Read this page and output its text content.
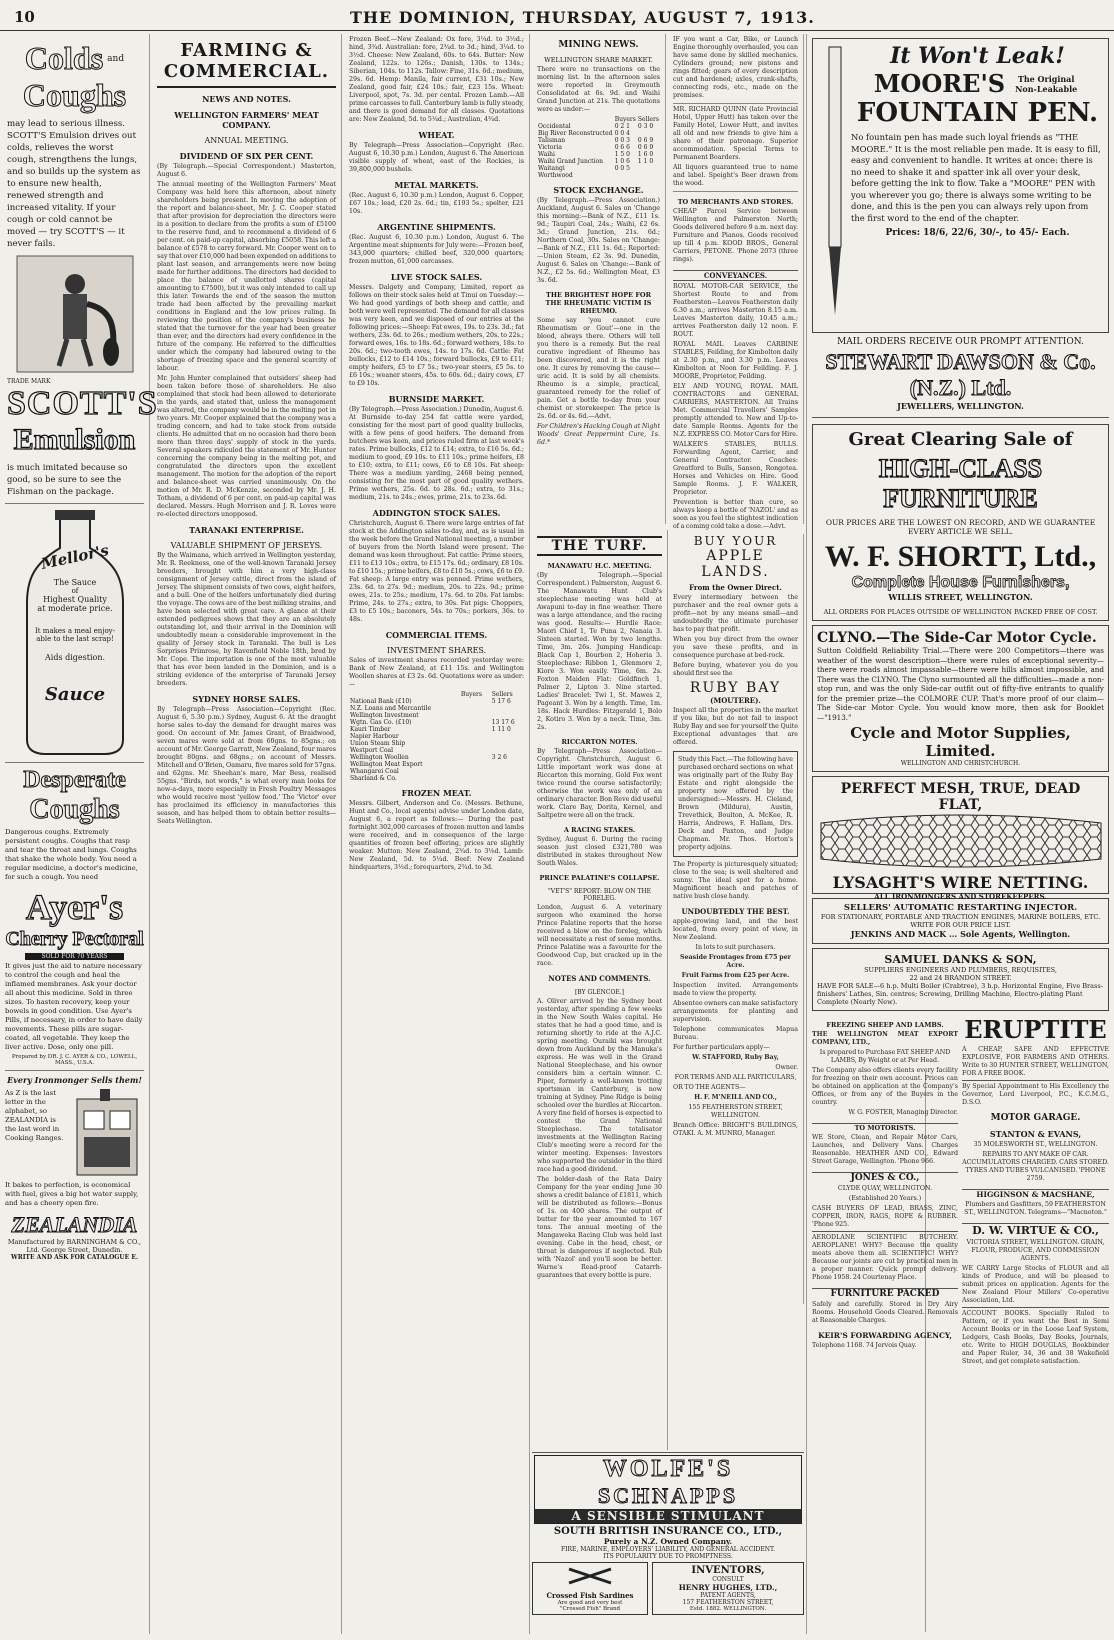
10	THE DOMINION, THURSDAY, AUGUST 7, 1913.
Colds and
Coughs
may lead to serious illness. SCOTT'S Emulsion drives out colds, relieves the worst cough, strengthens the lungs, and so builds up the system as to ensure new health, renewed strength and increased vitality. If your cough or cold cannot be moved — try SCOTT'S — it never fails.
TRADE MARK
SCOTT'S
Emulsion
is much imitated because so good, so be sure to see the Fishman on the package.
Mellor's
The Sauce
of
Highest Quality
at moderate price.
It makes a meal enjoy-
able to the last scrap!
Aids digestion.
Sauce
Desperate
Coughs
Dangerous coughs. Extremely persistent coughs. Coughs that rasp and tear the throat and lungs. Coughs that shake the whole body. You need a regular medicine, a doctor's medicine, for such a cough. You need
Ayer's
Cherry Pectoral
SOLD FOR 70 YEARS
It gives just the aid to nature necessary to control the cough and heal the inflamed membranes. Ask your doctor all about this medicine. Sold in three sizes. To hasten recovery, keep your bowels in good condition. Use Ayer's Pills, if necessary, in order to have daily movements. These pills are sugar-coated, all vegetable. They keep the liver active. Dose, only one pill.
Prepared by DR. J. C. AYER & CO., LOWELL, MASS., U.S.A.
Every Ironmonger Sells them!
As Z is the last letter in the alphabet, so ZEALANDIA is the last word in Cooking Ranges.
It bakes to perfection, is economical with fuel, gives a big hot water supply, and has a cheery open fire.
ZEALANDIA
Manufactured by BARNINGHAM & CO., Ltd. George Street, Dunedin.
WRITE AND ASK FOR CATALOGUE E.
FARMING & COMMERCIAL.
NEWS AND NOTES.
WELLINGTON FARMERS' MEAT COMPANY.
ANNUAL MEETING.
DIVIDEND OF SIX PER CENT.

(By Telegraph.—Special Correspondent.) Masterton, August 6.

The annual meeting of the Wellington Farmers' Meat Company was held here this afternoon, about ninety shareholders being present. In moving the adoption of the report and balance-sheet, Mr. J. C. Cooper stated that after provision for depreciation the directors were in a position to declare from the profits a sum of £5100 to the reserve fund, and to recommend a dividend of 6 per cent. on paid-up capital, absorbing £5058. This left a balance of £578 to carry forward. Mr. Cooper went on to say that over £10,000 had been expended on additions to plant last season, and arrangements were now being made for further additions. The directors had decided to place the balance of unallotted shares (capital amounting to £7500), but it was only intended to call up this later. Towards the end of the season the mutton trade had been affected by the prevailing market conditions in England and the low prices ruling. In reviewing the position of the company's business he stated that the turnover for the year had been greater than ever, and the directors had every confidence in the future of the company. He referred to the difficulties under which the company had laboured owing to the shortage of freezing space and the general scarcity of labour.

Mr. John Hunter complained that outsiders' sheep had been taken before those of shareholders. He also complained that stock had been allowed to deteriorate in the yards, and stated that, unless the management was altered, the company would be in the melting pot in two years. Mr. Cooper explained that the company was a trading concern, and had to take stock from outside clients. He admitted that on no occasion had there been more than three days' supply of stock in the yards. Several speakers ridiculed the statement of Mr. Hunter concerning the company being in the melting pot, and congratulated the directors upon the excellent management. The motion for the adoption of the report and balance-sheet was carried unanimously. On the motion of Mr. R. D. McKenzie, seconded by Mr. J. H. Totham, a dividend of 6 per cent. on paid-up capital was declared. Messrs. Hugh Morrison and J. R. Loves were re-elected directors unopposed.

TARANAKI ENTERPRISE.
VALUABLE SHIPMENT OF JERSEYS.

By the Waimana, which arrived in Wellington yesterday, Mr. R. Reekness, one of the well-known Taranaki Jersey breeders, brought with him a very high-class consignment of Jersey cattle, direct from the island of Jersey. The shipment consists of two cows, eight heifers, and a bull. One of the heifers unfortunately died during the voyage. The cows are of the best milking strains, and have been selected with great care. A glance at their extended pedigrees shows that they are an absolutely outstanding lot, and their arrival in the Dominion will undoubtedly mean a considerable improvement in the quality of Jersey stock in Taranaki. The bull is Les Sorprises Primrose, by Ravenfield Noble 18th, bred by Mr. Cope. The importation is one of the most valuable that has ever been landed in the Dominion, and is a striking evidence of the enterprise of Taranaki Jersey breeders.

SYDNEY HORSE SALES.

By Telegraph—Press Association—Copyright (Rec. August 6, 5.30 p.m.) Sydney, August 6. At the draught horse sales to-day the demand for draught mares was good. On account of Mr. James Grant, of Braidwood, seven mares were sold at from 60gns. to 85gns.; on account of Mr. George Garratt, New Zealand, four mares brought 80gns. and 68gns.; on account of Messrs. Mitchell and O'Brien, Oamaru, five mares sold for 57gns. and 62gns. Mr. Sheehan's mare, Mar Bess, realised 55gns. "Birds, not words," is what every man looks for now-a-days, more especially in Fresh Poultry Messages who would receive most 'yellow food.' The 'Victor' ever has proclaimed its efficiency in manufactories this season, and has helped them to obtain better results—Seats Wellington.

Frozen Beef.—New Zealand: Ox fore, 3¼d. to 3½d.; hind, 3¾d. Australian: fore, 2¾d. to 3d.; hind, 3¼d. to 3½d. Cheese: New Zealand, 60s. to 64s. Butter: New Zealand, 122s. to 126s.; Danish, 130s. to 134s.; Siberian, 104s. to 112s. Tallow: Fine, 31s. 6d.; medium, 29s. 6d. Hemp: Manila, fair current, £31 10s.; New Zealand, good fair, £24 10s.; fair, £23 15s. Wheat: Liverpool, spot, 7s. 3d. per cental. Frozen Lamb.—All prime carcasses to full. Canterbury lamb is fully steady, and there is good demand for all classes. Quotations are: New Zealand, 5d. to 5¼d.; Australian, 4¾d.

WHEAT.

By Telegraph—Press Association—Copyright (Rec. August 6, 10.30 p.m.) London, August 6. The American visible supply of wheat, east of the Rockies, is 39,800,000 bushels.

METAL MARKETS.

(Rec. August 6, 10.30 p.m.) London, August 6. Copper, £67 10s.; lead, £20 2s. 6d.; tin, £193 5s.; spelter, £21 10s.

ARGENTINE SHIPMENTS.

(Rec. August 6, 10.30 p.m.) London, August 6. The Argentine meat shipments for July were:—Frozen beef, 343,000 quarters; chilled beef, 320,000 quarters; frozen mutton, 61,000 carcasses.

LIVE STOCK SALES.

Messrs. Dalgety and Company, Limited, report as follows on their stock sales held at Tinui on Tuesday:—We had good yardings of both sheep and cattle, and both were well represented. The demand for all classes was very keen, and we disposed of our entries at the following prices:—Sheep: Fat ewes, 19s. to 23s. 3d.; fat wethers, 23s. 6d. to 26s.; medium wethers, 20s. to 22s.; forward ewes, 16s. to 18s. 6d.; forward wethers, 18s. to 20s. 6d.; two-tooth ewes, 14s. to 17s. 6d. Cattle: Fat bullocks, £12 to £14 10s.; forward bullocks, £9 to £11; empty heifers, £5 to £7 5s.; two-year steers, £5 5s. to £6 10s.; weaner steers, 45s. to 60s. 6d.; dairy cows, £7 to £9 10s.

BURNSIDE MARKET.

(By Telegraph.—Press Association.) Dunedin, August 6. At Burnside to-day 254 fat cattle were yarded, consisting for the most part of good quality bullocks, with a few pens of good heifers. The demand from butchers was keen, and prices ruled firm at last week's rates. Prime bullocks, £12 to £14; extra, to £16 5s. 6d.; medium to good, £9 10s. to £11 10s.; prime heifers, £8 to £10; extra, to £11; cows, £6 to £8 10s. Fat sheep: There was a medium yarding, 2468 being penned, consisting for the most part of good quality wethers. Prime wethers, 25s. 6d. to 28s. 6d.; extra, to 31s.; medium, 21s. to 24s.; ewes, prime, 21s. to 23s. 6d.

ADDINGTON STOCK SALES.

Christchurch, August 6. There were large entries of fat stock at the Addington sales to-day, and, as is usual in the week before the Grand National meeting, a number of buyers from the North Island were present. The demand was keen throughout. Fat cattle: Prime steers, £11 to £13 10s.; extra, to £15 17s. 6d.; ordinary, £8 10s. to £10 15s.; prime heifers, £8 to £10 5s.; cows, £6 to £9. Fat sheep: A large entry was penned. Prime wethers, 23s. 6d. to 27s. 9d.; medium, 20s. to 22s. 9d.; prime ewes, 21s. to 25s.; medium, 17s. 6d. to 20s. Fat lambs: Prime, 24s. to 27s.; extra, to 30s. Fat pigs: Choppers, £3 to £5 10s.; baconers, 54s. to 70s.; porkers, 36s. to 48s.

COMMERCIAL ITEMS.
INVESTMENT SHARES.

Sales of investment shares recorded yesterday were: Bank of New Zealand, at £11 15s. and Wellington Woollen shares at £3 2s. 6d. Quotations were as under:—

	Buyers	Sellers
National Bank (£10)		5 17 6
N.Z. Loans and Mercantile		
Wellington Investment		
Wgtn. Gas Co. (£10)		13 17 6
Kauri Timber		1 11 0
Napier Harbour		
Union Steam Ship		
Westport Coal		
Wellington Woollen		3 2 6
Wellington Meat Export		
Whangarei Coal		
Sharland & Co.		
FROZEN MEAT.

Messrs. Gilbert, Anderson and Co. (Messrs. Bethune, Hunt and Co., local agents) advise under London date, August 6, a report as follows:— During the past fortnight 302,000 carcases of frozen mutton and lambs were received, and in consequence of the large quantities of frozen beef offering, prices are slightly weaker. Mutton: New Zealand, 2¾d. to 3⅛d. Lamb: New Zealand, 5d. to 5¼d. Beef: New Zealand hindquarters, 3½d.; forequarters, 2¾d. to 3d.

MINING NEWS.
WELLINGTON SHARE MARKET.

There were no transactions on the morning list. In the afternoon sales were reported in Greymouth Consolidated at 6s. 9d. and Waihi Grand Junction at 21s. The quotations were as under:—

	Buyers	Sellers
Occidental	0 2 1	0 3 0
Big River Reconstructed	0 0 4	
Talisman	0 0 3	0 6 9
Victoria	0 6 6	0 6 9
Waihi	1 5 0	1 6 0
Waihi Grand Junction	1 0 6	1 1 0
Waitangi	0 0 5	
Worthwood		
STOCK EXCHANGE.

(By Telegraph.—Press Association.) Auckland, August 6. Sales on 'Change this morning:—Bank of N.Z., £11 1s. 9d.; Taupiri Coal, 24s.; Waihi, £2 6s. 3d.; Grand Junction, 21s. 6d.; Northern Coal, 30s. Sales on 'Change:—Bank of N.Z., £11 1s. 6d.; Reported:—Union Steam, £2 3s. 9d. Dunedin, August 6. Sales on 'Change:—Bank of N.Z., £2 5s. 6d.; Wellington Meat, £3 3s. 6d.

THE BRIGHTEST HOPE FOR THE RHEUMATIC VICTIM IS RHEUMO.

Some say 'you cannot cure Rheumatism or Gout'—one in the blood, always there. Others will tell you there is a remedy. But the real curative ingredient of Rheumo has been discovered, and it is the right one. It cures by removing the cause—uric acid. It is sold by all chemists. Rheumo is a simple, practical, guaranteed remedy for the relief of pain. Get a bottle to-day from your chemist or storekeeper. The price is 2s. 6d. or 4s. 6d.—Advt.

For Children's Hacking Cough at Night Woods' Great Peppermint Cure, 1s. 6d.*

IF you want a Car, Bike, or Launch Engine thoroughly overhauled, you can have same done by skilled mechanics. Cylinders ground; new pistons and rings fitted; gears of every description cut and hardened; axles, crank-shafts, connecting rods, etc., made on the premises.

MR. RICHARD QUINN (late Provincial Hotel, Upper Hutt) has taken over the Family Hotel, Lower Hutt, and invites all old and new friends to give him a share of their patronage. Superior accommodation. Special Terms to Permanent Boarders.

All liquors guaranteed true to name and label. Speight's Beer drawn from the wood.

TO MERCHANTS AND STORES.

CHEAP Parcel Service between Wellington and Palmerston North; Goods delivered before 9 a.m. next day. Furniture and Pianos. Goods received up till 4 p.m. KOOD BROS., General Carriers, PETONE. 'Phone 2073 (three rings).

CONVEYANCES.

ROYAL MOTOR-CAR SERVICE, the Shortest Route to and from Featherston—Leaves Featherston daily 6.30 a.m.; arrives Masterton 8.15 a.m. Leaves Masterton daily, 10.45 a.m.; arrives Featherston daily 12 noon. F. ROUT.

ROYAL MAIL Leaves CARBINE STABLES, Feilding, for Kimbolton daily at 2.30 p.m., and 3.30 p.m. Leaves Kimbolton at Noon for Feilding. F. J. MOORE, Proprietor, Feilding.

ELY AND YOUNG, ROYAL MAIL CONTRACTORS and GENERAL CARRIERS, MASTERTON. All Trains Met. Commercial Travellers' Samples promptly attended to. New and Up-to-date Sample Rooms. Agents for the N.Z. EXPRESS CO. Motor Cars for Hire.

WALKER'S STABLES, BULLS. Forwarding Agent, Carrier, and General Contractor. Coaches: Greatford to Bulls, Sanson, Rongotea. Horses and Vehicles on Hire. Good Sample Rooms. J. F. WALKER, Proprietor.

Prevention is better than cure, so always keep a bottle of 'NAZOL' and as soon as you feel the slightest indication of a coming cold take a dose.—Advt.

THE TURF.
MANAWATU H.C. MEETING.

(By Telegraph.—Special Correspondent.) Palmerston, August 6. The Manawatu Hunt Club's steeplechase meeting was held at Awapuni to-day in fine weather. There was a large attendance, and the racing was good. Results:— Hurdle Race: Maori Chief 1, Te Puna 2, Nanaia 3. Sixteen started. Won by two lengths. Time, 3m. 26s. Jumping Handicap: Black Cap 1, Bourbon 2, Hoheria 3. Steeplechase: Ribbon 1, Glenmore 2, Kiore 3. Won easily. Time, 6m. 2s. Foxton Maiden Flat: Goldfinch 1, Palmer 2, Lipton 3. Nine started. Ladies' Bracelet: Twi 1, St. Mawes 2, Pageant 3. Won by a length. Time, 1m. 18s. Hack Hurdles: Fitzgerald 1, Bolo 2, Kotiro 3. Won by a neck. Time, 3m. 2s.

RICCARTON NOTES.

By Telegraph—Press Association—Copyright. Christchurch, August 6. Little important work was done at Riccarton this morning. Gold Fox went twice round the course satisfactorily; otherwise the work was only of an ordinary character. Bon Reve did useful work. Clare Bay, Dorita, Kernel, and Saltpetre were all on the track.

A RACING STAKES.

Sydney, August 6. During the racing season just closed £321,780 was distributed in stakes throughout New South Wales.

PRINCE PALATINE'S COLLAPSE.
"VET'S" REPORT: BLOW ON THE FORELEG.

London, August 6. A veterinary surgeon who examined the horse Prince Palatine reports that the horse received a blow on the foreleg, which will necessitate a rest of some months. Prince Palatine was a favourite for the Goodwood Cup, but cracked up in the race.

NOTES AND COMMENTS.
[BY GLENCOE.]

A. Oliver arrived by the Sydney boat yesterday, after spending a few weeks in the New South Wales capital. He states that he had a good time, and is returning shortly to ride at the A.J.C. spring meeting. Ouraiki was brought down from Auckland by the Manuka's express. He was well in the Grand National Steeplechase, and his owner considers him a certain winner. C. Piper, formerly a well-known trotting sportsman in Canterbury, is now training at Sydney. Pine Ridge is being schooled over the hurdles at Riccarton. A very fine field of horses is expected to contest the Grand National Steeplechase. The totalisator investments at the Wellington Racing Club's meeting were a record for the winter meeting. Expenses: Investors who supported the outsider in the third race had a good dividend.

The bolder-dash of the Rata Dairy Company for the year ending June 30 shows a credit balance of £1811, which will be distributed as follows:—Bonus of 1s. on 400 shares. The output of butter for the year amounted to 167 tons. The annual meeting of the Mangaweka Racing Club was held last evening. Cabe in the head, chest, or throat is dangerous if neglected. Rub with 'Nazol' and you'll soon be better. Warne's Read-proof Catarrh-guarantees that every bottle is pure.

BUY YOUR
APPLE LANDS.
From the Owner Direct.

Every intermediary between the purchaser and the real owner gets a profit—not by any means small—and undoubtedly the ultimate purchaser has to pay that profit.

When you buy direct from the owner you save these profits, and in consequence purchase at bed-rock.

Before buying, whatever you do you should first see the

RUBY BAY
(MOUTERE).

Inspect all the properties in the market if you like, but do not fail to inspect Ruby Bay and see for yourself the Quite Exceptional advantages that are offered.

Study this Fact.—The following have purchased orchard sections on what was originally part of the Ruby Bay Estate and right alongside the property now offered by the undersigned:—Messrs. H. Cleland, Brown (Mildura), Austin, Trevethick, Boulton, A. McKee, R. Harris, Andrews, F. Hallam, Drs. Deck and Paxton, and Judge Chapman. Mr. Thos. Horton's property adjoins.

The Property is picturesquely situated; close to the sea; is well sheltered and sunny. The ideal spot for a home. Magnificent beach and patches of native bush close handy.

UNDOUBTEDLY THE BEST.

apple-growing land, and the best located, from every point of view, in New Zealand.

In lots to suit purchasers.

Seaside Frontages from £75 per Acre.

Fruit Farms from £25 per Acre.

Inspection invited. Arrangements made to view the property.

Absentee owners can make satisfactory arrangements for planting and supervision.

Telephone communicates Mapua Bureau.

For further particulars apply—

W. STAFFORD, Ruby Bay,

Owner.

FOR TERMS AND ALL PARTICULARS,

OR TO THE AGENTS—

H. F. M'NEILL AND CO.,

155 FEATHERSTON STREET, WELLINGTON.

Branch Office: BRIGHT'S BUILDINGS, OTAKI. A. M. MUNRO, Manager.

WOLFE'S
SCHNAPPS
A SENSIBLE STIMULANT
SOUTH BRITISH INSURANCE CO., LTD.,
Purely a N.Z. Owned Company.
FIRE, MARINE, EMPLOYERS' LIABILITY, AND GENERAL ACCIDENT.
ITS POPULARITY DUE TO PROMPTNESS.
Crossed Fish Sardines
Are good and very best
"Crossed Fish" Brand
INVENTORS,
CONSULT
HENRY HUGHES, LTD.,
PATENT AGENTS,
157 FEATHERSTON STREET,
Estd. 1882. WELLINGTON.
It Won't Leak!
MOORE'S	The Original Non-Leakable
FOUNTAIN PEN.
No fountain pen has made such loyal friends as "THE MOORE." It is the most reliable pen made. It is easy to fill, easy and convenient to handle. It writes at once: there is no need to shake it and spatter ink all over your desk, before getting the ink to flow. Take a "MOORE" PEN with you wherever you go; there is always some writing to be done, and this is the pen you can always rely upon from the first word to the end of the chapter.
Prices: 18/6, 22/6, 30/-, to 45/- Each.
MAIL ORDERS RECEIVE OUR PROMPT ATTENTION.
STEWART DAWSON & Co. (N.Z.) Ltd.
JEWELLERS, WELLINGTON.
Great Clearing Sale of
HIGH-CLASS FURNITURE
OUR PRICES ARE THE LOWEST ON RECORD, AND WE GUARANTEE EVERY ARTICLE WE SELL.
W. F. SHORTT, Ltd.,
Complete House Furnishers,
WILLIS STREET, WELLINGTON.
ALL ORDERS FOR PLACES OUTSIDE OF WELLINGTON PACKED FREE OF COST.
CLYNO.—The Side-Car Motor Cycle.
Sutton Coldfield Reliability Trial.—There were 200 Competitors—there was weather of the worst description—there were rules of exceptional severity—there were roads almost impassable—there were hills almost impossible, and There was the CLYNO. The Clyno surmounted all the difficulties—made a non-stop run, and was the only Side-car outfit out of fifty-five entrants to qualify for the premier prize—the COLMORE CUP. That's more proof of our claim—The Side-car Motor Cycle. You would know more, then ask for Booklet—"1913."
Cycle and Motor Supplies, Limited.
WELLINGTON AND CHRISTCHURCH.
PERFECT MESH, TRUE, DEAD FLAT,
LYSAGHT'S WIRE NETTING.
ALL IRONMONGERS AND STOREKEEPERS.
SELLERS' AUTOMATIC RESTARTING INJECTOR.
FOR STATIONARY, PORTABLE AND TRACTION ENGINES, MARINE BOILERS, ETC. WRITE FOR OUR PRICE LIST.
JENKINS AND MACK ... Sole Agents, Wellington.
SAMUEL DANKS & SON,
SUPPLIERS ENGINEERS AND PLUMBERS, REQUISITES,
22 and 24 BRANDON STREET.
HAVE FOR SALE—6 h.p. Multi Boiler (Crabtree), 3 h.p. Horizontal Engine, Five Brass-finishers' Lathes, Sin. centres; Screwing, Drilling Machine, Electro-plating Plant Complete (Nearly New).
FREEZING SHEEP AND LAMBS.

THE WELLINGTON MEAT EXPORT COMPANY, LTD.,

Is prepared to Purchase FAT SHEEP AND LAMBS, By Weight or at Per Head.

The Company also offers clients every facility for freezing on their own account. Prices can be obtained on application at the Company's Offices, or from any of the Buyers in the country.

W. G. FOSTER, Managing Director.

TO MOTORISTS.

WE Store, Clean, and Repair Motor Cars, Launches, and Delivery Vans. Charges Reasonable. HEATHER AND CO., Edward Street Garage, Wellington. 'Phone 966.

JONES & CO.,

CLYDE QUAY, WELLINGTON.

(Established 20 Years.)

CASH BUYERS OF LEAD, BRASS, ZINC, COPPER, IRON, RAGS, ROPE & RUBBER. 'Phone 925.

AERODLANE SCIENTIFIC BUTCHERY. AEROPLANE! WHY? Because the quality meats above them all. SCIENTIFIC! WHY? Because our joints are cut by practical men in a proper manner. Quick prompt delivery. Phone 1958. 24 Courtenay Place.

FURNITURE PACKED

Safely and carefully. Stored in Dry Airy Rooms. Household Goods Cleared. Removals at Reasonable Charges.

KEIR'S FORWARDING AGENCY,

Telephone 1168. 74 Jervois Quay.

ERUPTITE

A CHEAP, SAFE AND EFFECTIVE EXPLOSIVE, FOR FARMERS AND OTHERS. Write to 30 HUNTER STREET, WELLINGTON, FOR A FREE BOOK.

By Special Appointment to His Excellency the Governor, Lord Liverpool, P.C., K.C.M.G., D.S.O.

MOTOR GARAGE.
STANTON & EVANS,

35 MOLESWORTH ST., WELLINGTON.

REPAIRS TO ANY MAKE OF CAR. ACCUMULATORS CHARGED. CARS STORED. TYRES AND TUBES VULCANISED. 'PHONE 2759.

HIGGINSON & MACSHANE,

Plumbers and Gasfitters, 59 FEATHERSTON ST., WELLINGTON. Telegrams—"Macnoton."

D. W. VIRTUE & CO.,

VICTORIA STREET, WELLINGTON. GRAIN, FLOUR, PRODUCE, AND COMMISSION AGENTS.

WE CARRY Large Stocks of FLOUR and all kinds of Produce, and will be pleased to submit prices on application. Agents for the New Zealand Flour Millers' Co-operative Association, Ltd.

ACCOUNT BOOKS. Specially Ruled to Pattern, or if you want the Best in Semi Account Books or in the Loose Leaf System, Ledgers, Cash Books, Day Books, Journals, etc. Write to HIGH DOUGLAS, Bookbinder and Paper Ruler, 34, 36 and 38 Wakefield Street, and get complete satisfaction.
